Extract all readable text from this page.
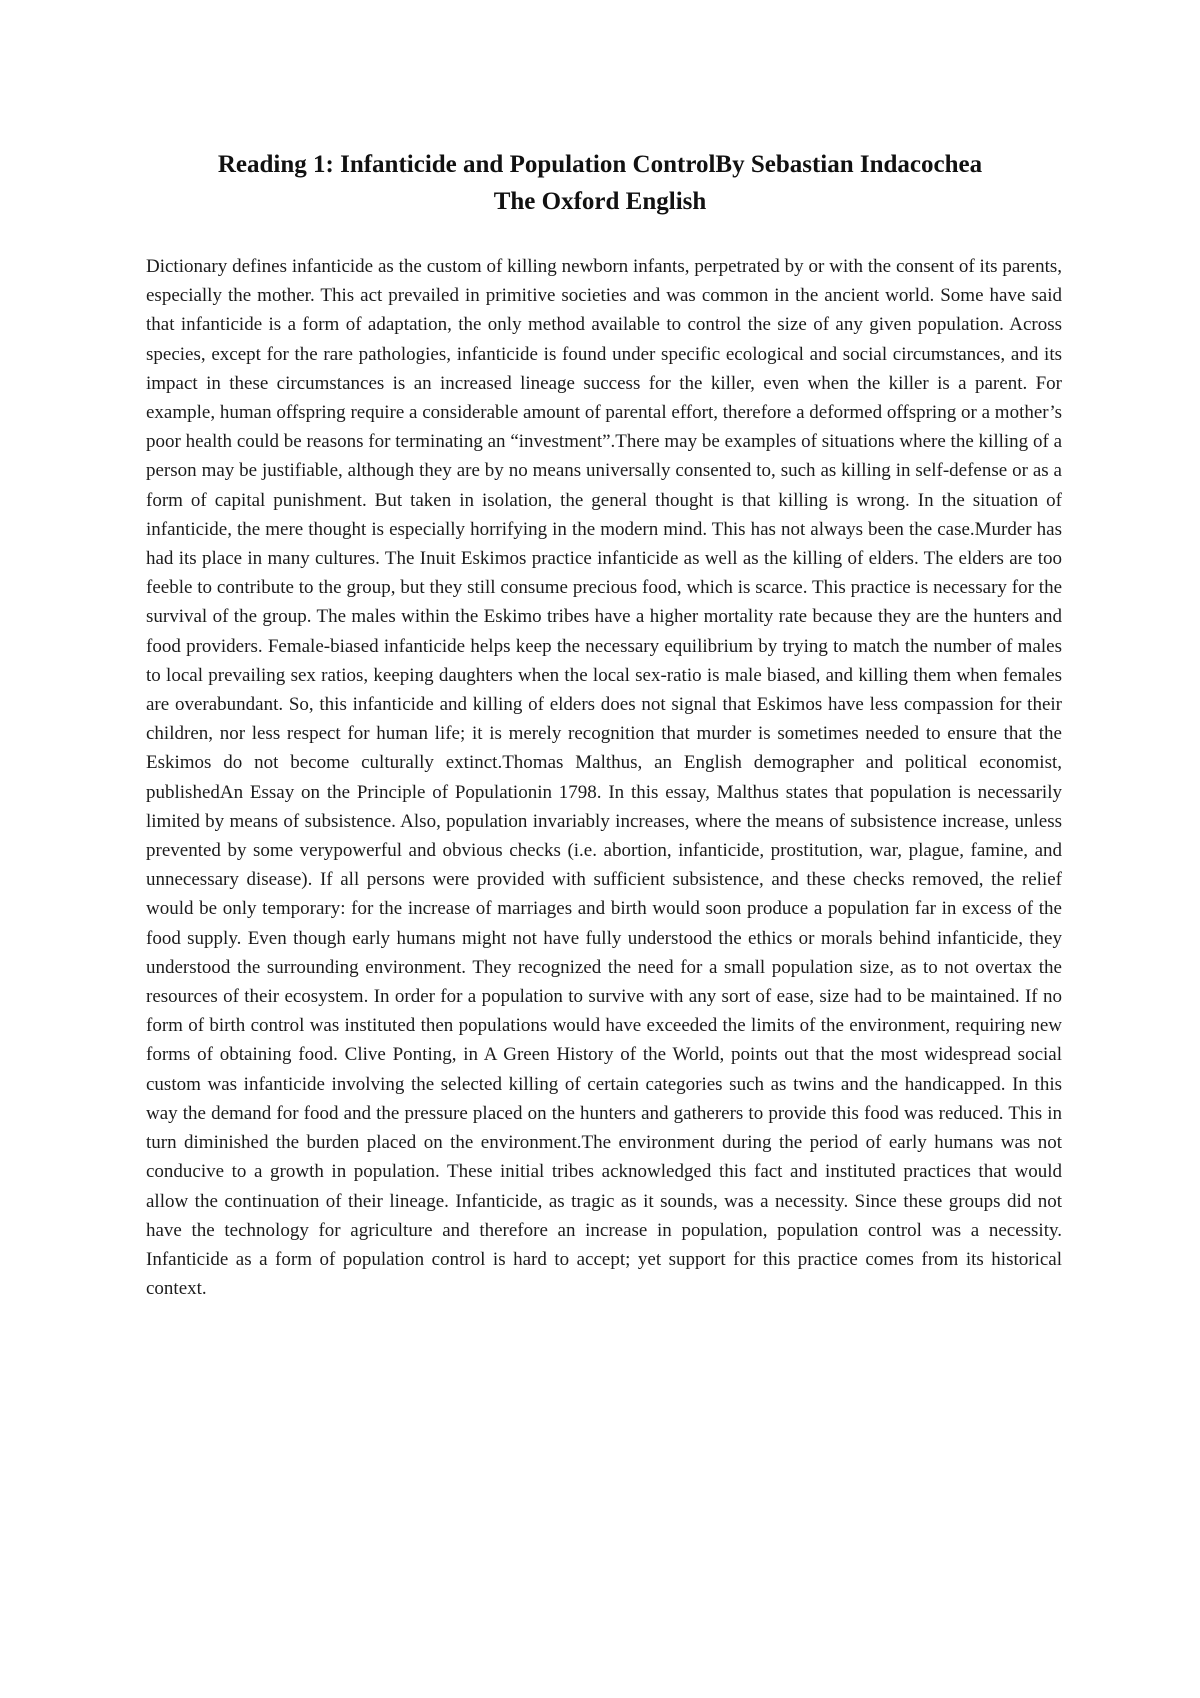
Reading 1: Infanticide and Population ControlBy Sebastian Indacochea
The Oxford English

Dictionary defines infanticide as the custom of killing newborn infants, perpetrated by or with the consent of its parents, especially the mother. This act prevailed in primitive societies and was common in the ancient world. Some have said that infanticide is a form of adaptation, the only method available to control the size of any given population. Across species, except for the rare pathologies, infanticide is found under specific ecological and social circumstances, and its impact in these circumstances is an increased lineage success for the killer, even when the killer is a parent. For example, human offspring require a considerable amount of parental effort, therefore a deformed offspring or a mother’s poor health could be reasons for terminating an “investment”.There may be examples of situations where the killing of a person may be justifiable, although they are by no means universally consented to, such as killing in self-defense or as a form of capital punishment. But taken in isolation, the general thought is that killing is wrong. In the situation of infanticide, the mere thought is especially horrifying in the modern mind. This has not always been the case.Murder has had its place in many cultures. The Inuit Eskimos practice infanticide as well as the killing of elders. The elders are too feeble to contribute to the group, but they still consume precious food, which is scarce. This practice is necessary for the survival of the group. The males within the Eskimo tribes have a higher mortality rate because they are the hunters and food providers. Female-biased infanticide helps keep the necessary equilibrium by trying to match the number of males to local prevailing sex ratios, keeping daughters when the local sex-ratio is male biased, and killing them when females are overabundant. So, this infanticide and killing of elders does not signal that Eskimos have less compassion for their children, nor less respect for human life; it is merely recognition that murder is sometimes needed to ensure that the Eskimos do not become culturally extinct.Thomas Malthus, an English demographer and political economist, publishedAn Essay on the Principle of Populationin 1798. In this essay, Malthus states that population is necessarily limited by means of subsistence. Also, population invariably increases, where the means of subsistence increase, unless prevented by some verypowerful and obvious checks (i.e. abortion, infanticide, prostitution, war, plague, famine, and unnecessary disease). If all persons were provided with sufficient subsistence, and these checks removed, the relief would be only temporary: for the increase of marriages and birth would soon produce a population far in excess of the food supply. Even though early humans might not have fully understood the ethics or morals behind infanticide, they understood the surrounding environment. They recognized the need for a small population size, as to not overtax the resources of their ecosystem. In order for a population to survive with any sort of ease, size had to be maintained. If no form of birth control was instituted then populations would have exceeded the limits of the environment, requiring new forms of obtaining food. Clive Ponting, in A Green History of the World, points out that the most widespread social custom was infanticide involving the selected killing of certain categories such as twins and the handicapped. In this way the demand for food and the pressure placed on the hunters and gatherers to provide this food was reduced. This in turn diminished the burden placed on the environment.The environment during the period of early humans was not conducive to a growth in population. These initial tribes acknowledged this fact and instituted practices that would allow the continuation of their lineage. Infanticide, as tragic as it sounds, was a necessity. Since these groups did not have the technology for agriculture and therefore an increase in population, population control was a necessity. Infanticide as a form of population control is hard to accept; yet support for this practice comes from its historical context.
